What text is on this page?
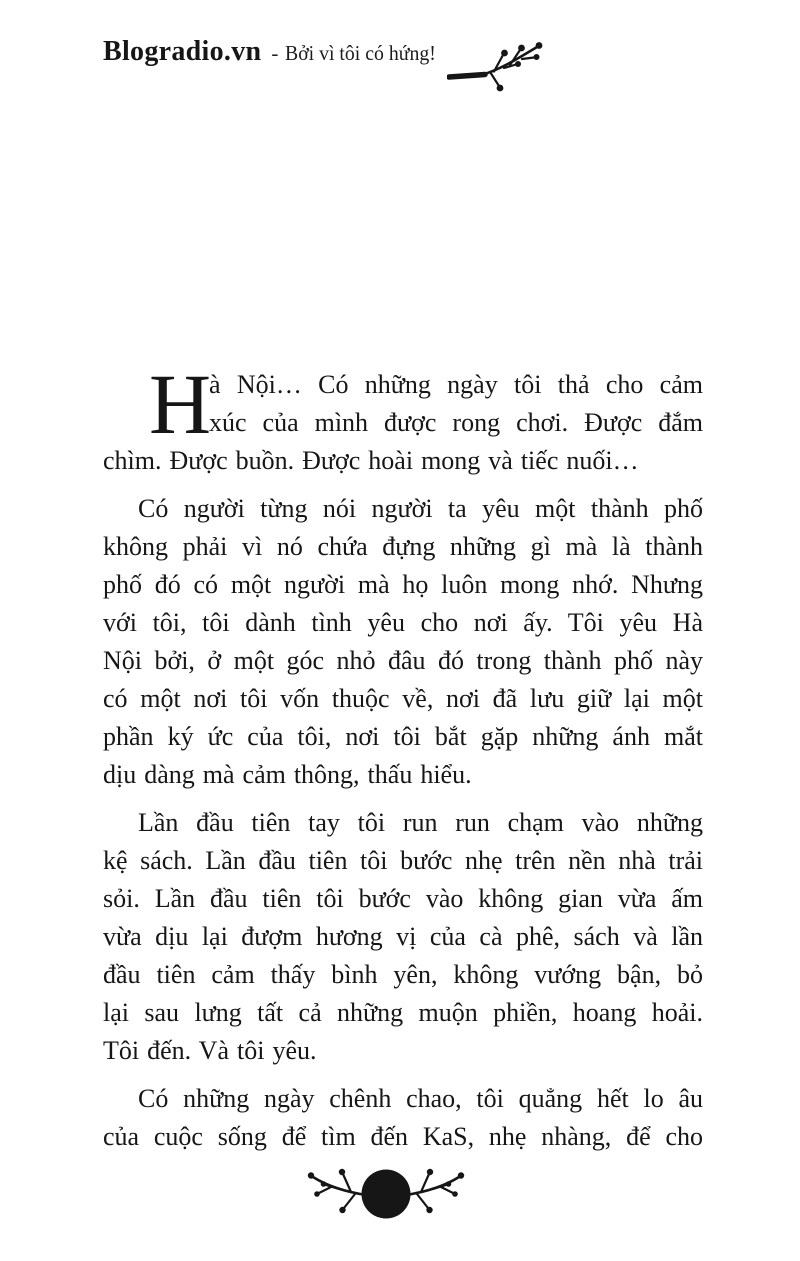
Blogradio.vn - Bởi vì tôi có hứng!
H
à Nội… Có những ngày tôi thả cho cảm
xúc của mình được rong chơi. Được đắm
chìm. Được buồn. Được hoài mong và tiếc nuối…
Có người từng nói người ta yêu một thành phố
không phải vì nó chứa đựng những gì mà là thành
phố đó có một người mà họ luôn mong nhớ. Nhưng
với tôi, tôi dành tình yêu cho nơi ấy. Tôi yêu Hà
Nội bởi, ở một góc nhỏ đâu đó trong thành phố này
có một nơi tôi vốn thuộc về, nơi đã lưu giữ lại một
phần ký ức của tôi, nơi tôi bắt gặp những ánh mắt
dịu dàng mà cảm thông, thấu hiểu.
Lần đầu tiên tay tôi run run chạm vào những
kệ sách. Lần đầu tiên tôi bước nhẹ trên nền nhà trải
sỏi. Lần đầu tiên tôi bước vào không gian vừa ấm
vừa dịu lại đượm hương vị của cà phê, sách và lần
đầu tiên cảm thấy bình yên, không vướng bận, bỏ
lại sau lưng tất cả những muộn phiền, hoang hoải.
Tôi đến. Và tôi yêu.
Có những ngày chênh chao, tôi quẳng hết lo âu
của cuộc sống để tìm đến KaS, nhẹ nhàng, để cho
